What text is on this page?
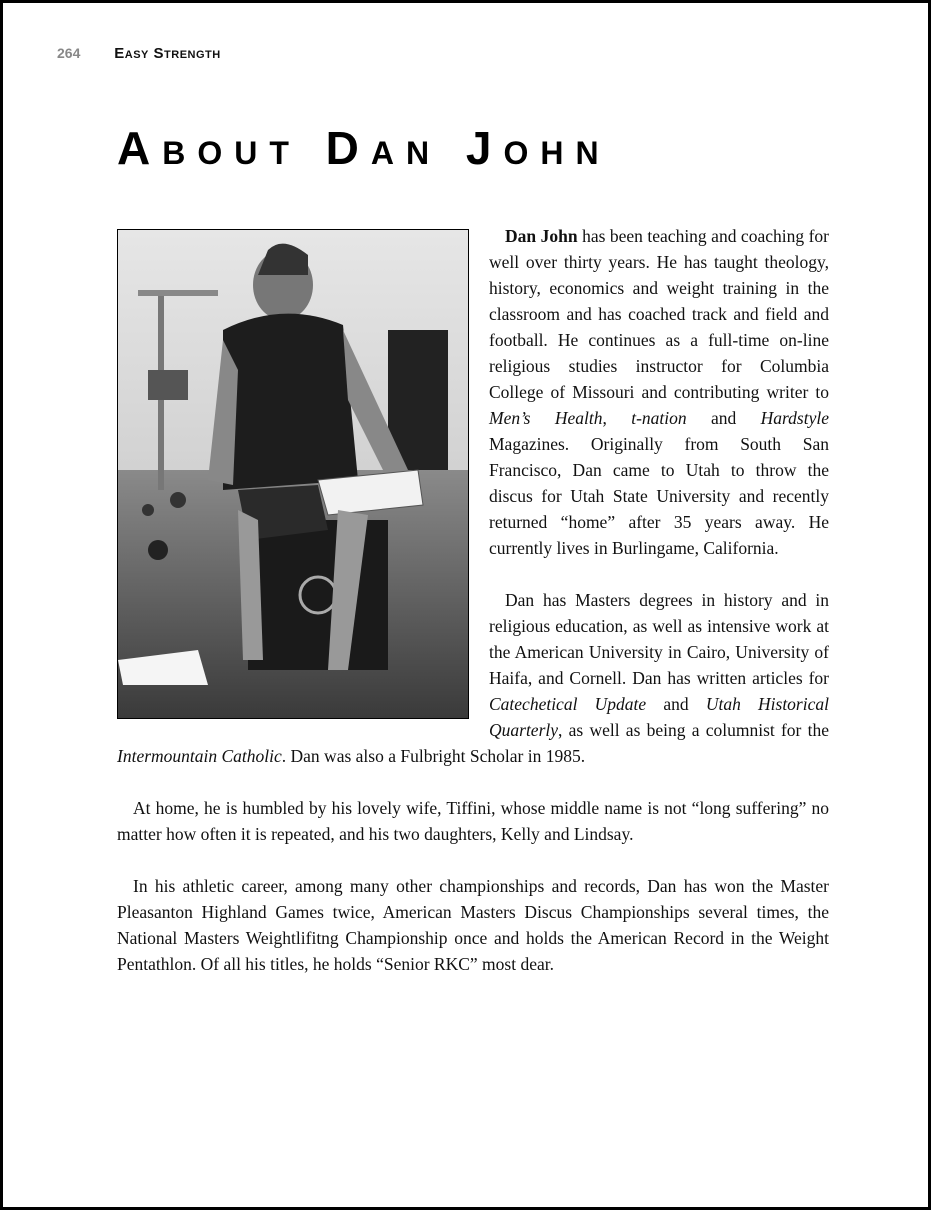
264 Easy Strength
About Dan John

Dan John has been teaching and coaching for well over thirty years. He has taught theology, history, economics and weight training in the classroom and has coached track and field and football. He continues as a full-time on-line religious studies instructor for Columbia College of Missouri and contributing writer to Men’s Health, t-nation and Hardstyle Magazines. Originally from South San Francisco, Dan came to Utah to throw the discus for Utah State University and recently returned “home” after 35 years away. He currently lives in Burlingame, California.

Dan has Masters degrees in history and in religious education, as well as intensive work at the American University in Cairo, University of Haifa, and Cornell. Dan has written articles for Catechetical Update and Utah Historical Quarterly, as well as being a columnist for the Intermountain Catholic. Dan was also a Fulbright Scholar in 1985.

At home, he is humbled by his lovely wife, Tiffini, whose middle name is not “long suffering” no matter how often it is repeated, and his two daughters, Kelly and Lindsay.

In his athletic career, among many other championships and records, Dan has won the Master Pleasanton Highland Games twice, American Masters Discus Championships several times, the National Masters Weightlifitng Championship once and holds the American Record in the Weight Pentathlon. Of all his titles, he holds “Senior RKC” most dear.
